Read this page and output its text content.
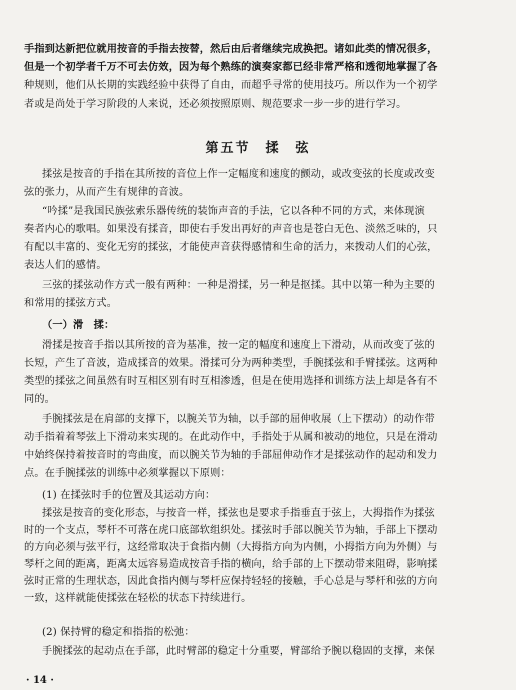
手指到达新把位就用按音的手指去按替，然后由后者继续完成换把。诸如此类的情况很多，
但是一个初学者千万不可去仿效，因为每个熟练的演奏家都已经非常严格和透彻地掌握了各
种规则，他们从长期的实践经验中获得了自由，而超乎寻常的使用技巧。所以作为一个初学
者或是尚处于学习阶段的人来说，还必须按照原则、规范要求一步一步的进行学习。
第五节　揉　弦
揉弦是按音的手指在其所按的音位上作一定幅度和速度的颤动，或改变弦的长度或改变
弦的张力，从而产生有规律的音波。
“吟揉”是我国民族弦索乐器传统的装饰声音的手法，它以各种不同的方式，来体现演
奏者内心的歌唱。如果没有揉音，即使右手发出再好的声音也是苍白无色、淡然乏味的，只
有配以丰富的、变化无穷的揉弦，才能使声音获得感情和生命的活力，来拨动人们的心弦，
表达人们的感情。
三弦的揉弦动作方式一般有两种：一种是滑揉，另一种是抠揉。其中以第一种为主要的
和常用的揉弦方式。
（一）滑　揉：
滑揉是按音手指以其所按的音为基准，按一定的幅度和速度上下滑动，从而改变了弦的
长短，产生了音波，造成揉音的效果。滑揉可分为两种类型，手腕揉弦和手臂揉弦。这两种
类型的揉弦之间虽然有时互相区别有时互相渗透，但是在使用选择和训练方法上却是各有不
同的。
手腕揉弦是在肩部的支撑下，以腕关节为轴，以手部的屈伸收展（上下摆动）的动作带
动手指着着琴弦上下滑动来实现的。在此动作中，手指处于从属和被动的地位，只是在滑动
中始终保持着按音时的弯曲度，而以腕关节为轴的手部屈伸动作才是揉弦动作的起动和发力
点。在手腕揉弦的训练中必须掌握以下原则：
(1) 在揉弦时手的位置及其运动方向：
揉弦是按音的变化形态，与按音一样，揉弦也是要求手指垂直于弦上，大拇指作为揉弦
时的一个支点，琴杆不可落在虎口底部软组织处。揉弦时手部以腕关节为轴，手部上下摆动
的方向必须与弦平行，这经常取决于食指内侧（大拇指方向为内侧，小拇指方向为外侧）与
琴杆之间的距离，距离太远容易造成按音手指的横向，给手部的上下摆动带来阻碍，影响揉
弦时正常的生理状态，因此食指内侧与琴杆应保持轻轻的接触，手心总是与琴杆和弦的方向
一致，这样就能使揉弦在轻松的状态下持续进行。
(2) 保持臂的稳定和指指的松弛：
手腕揉弦的起动点在手部，此时臂部的稳定十分重要，臂部给予腕以稳固的支撑，来保
· 14 ·
